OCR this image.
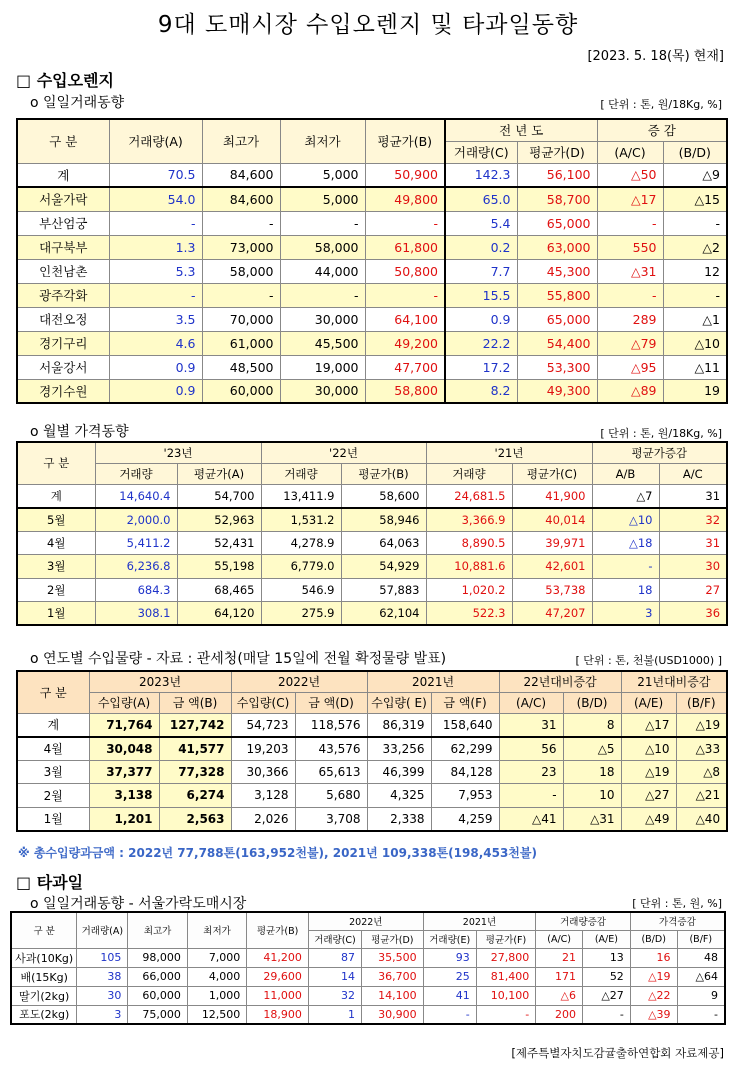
9대 도매시장 수입오렌지 및 타과일동향
[2023. 5. 18(목) 현재]
□ 수입오렌지
o 일일거래동향	[ 단위 : 톤, 원/18Kg, %]
구 분	거래량(A)	최고가	최저가	평균가(B)	전 년 도		증 감	
					거래량(C)	평균가(D)	(A/C)	(B/D)
계	70.5	84,600	5,000	50,900	142.3	56,100	△50	△9
서울가락	54.0	84,600	5,000	49,800	65.0	58,700	△17	△15
부산엄궁	-	-	-	-	5.4	65,000	-	-
대구북부	1.3	73,000	58,000	61,800	0.2	63,000	550	△2
인천남촌	5.3	58,000	44,000	50,800	7.7	45,300	△31	12
광주각화	-	-	-	-	15.5	55,800	-	-
대전오정	3.5	70,000	30,000	64,100	0.9	65,000	289	△1
경기구리	4.6	61,000	45,500	49,200	22.2	54,400	△79	△10
서울강서	0.9	48,500	19,000	47,700	17.2	53,300	△95	△11
경기수원	0.9	60,000	30,000	58,800	8.2	49,300	△89	19
o 월별 가격동향	[ 단위 : 톤, 원/18Kg, %]
구 분	'23년		'22년		'21년		평균가증감	
	거래량	평균가(A)	거래량	평균가(B)	거래량	평균가(C)	A/B	A/C
계	14,640.4	54,700	13,411.9	58,600	24,681.5	41,900	△7	31
5월	2,000.0	52,963	1,531.2	58,946	3,366.9	40,014	△10	32
4월	5,411.2	52,431	4,278.9	64,063	8,890.5	39,971	△18	31
3월	6,236.8	55,198	6,779.0	54,929	10,881.6	42,601	-	30
2월	684.3	68,465	546.9	57,883	1,020.2	53,738	18	27
1월	308.1	64,120	275.9	62,104	522.3	47,207	3	36
o 연도별 수입물량 - 자료 : 관세청(매달 15일에 전월 확정물량 발표)	[ 단위 : 톤, 천불(USD1000) ]
구 분	2023년		2022년		2021년		22년대비증감		21년대비증감	
	수입량(A)	금 액(B)	수입량(C)	금 액(D)	수입량( E)	금 액(F)	(A/C)	(B/D)	(A/E)	(B/F)
계	71,764	127,742	54,723	118,576	86,319	158,640	31	8	△17	△19
4월	30,048	41,577	19,203	43,576	33,256	62,299	56	△5	△10	△33
3월	37,377	77,328	30,366	65,613	46,399	84,128	23	18	△19	△8
2월	3,138	6,274	3,128	5,680	4,325	7,953	-	10	△27	△21
1월	1,201	2,563	2,026	3,708	2,338	4,259	△41	△31	△49	△40
※ 총수입량과금액 : 2022년 77,788톤(163,952천불), 2021년 109,338톤(198,453천불)
□ 타과일
o 일일거래동향 - 서울가락도매시장	[ 단위 : 톤, 원, %]
구 분	거래량(A)	최고가	최저가	평균가(B)	2022년		2021년		거래량증감		가격증감	
					거래량(C)	평균가(D)	거래량(E)	평균가(F)	(A/C)	(A/E)	(B/D)	(B/F)
사과(10Kg)	105	98,000	7,000	41,200	87	35,500	93	27,800	21	13	16	48
배(15Kg)	38	66,000	4,000	29,600	14	36,700	25	81,400	171	52	△19	△64
딸기(2kg)	30	60,000	1,000	11,000	32	14,100	41	10,100	△6	△27	△22	9
포도(2kg)	3	75,000	12,500	18,900	1	30,900	-	-	200	-	△39	-
[제주특별자치도감귤출하연합회 자료제공]
